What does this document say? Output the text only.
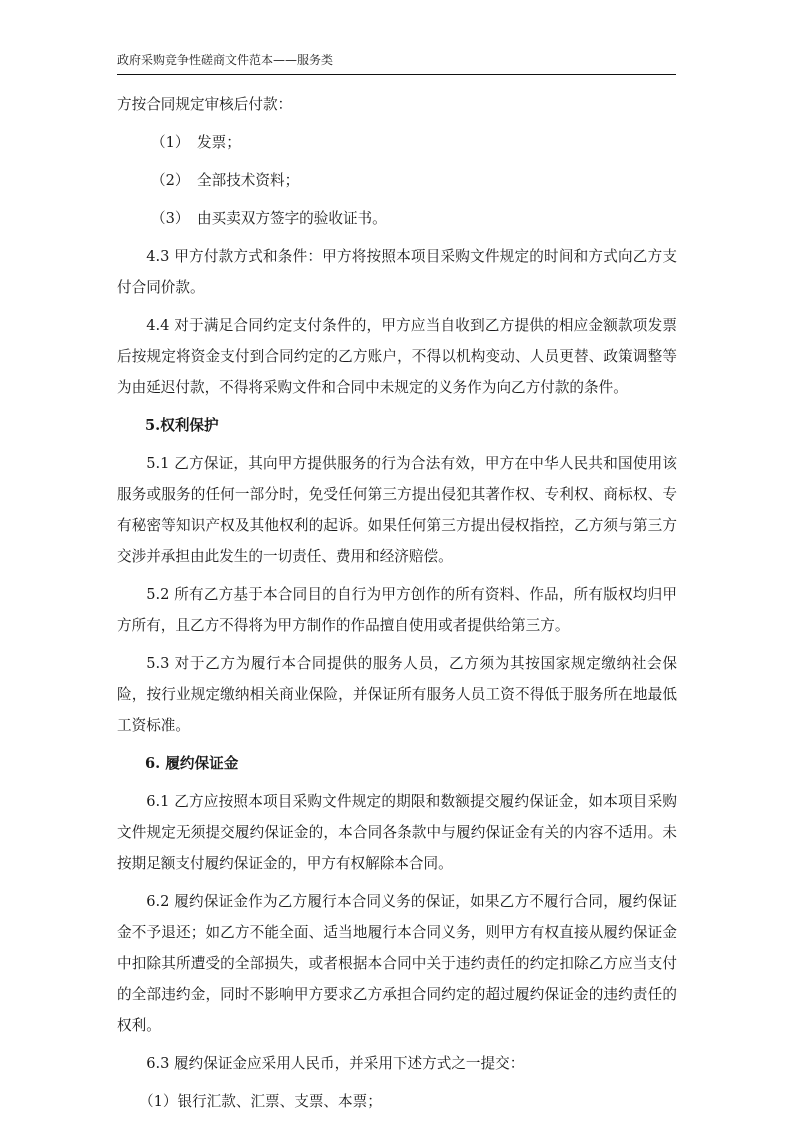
政府采购竞争性磋商文件范本——服务类

方按合同规定审核后付款：

（1） 发票；

（2） 全部技术资料；

（3） 由买卖双方签字的验收证书。

4.3 甲方付款方式和条件：甲方将按照本项目采购文件规定的时间和方式向乙方支付合同价款。

4.4 对于满足合同约定支付条件的，甲方应当自收到乙方提供的相应金额款项发票后按规定将资金支付到合同约定的乙方账户，不得以机构变动、人员更替、政策调整等为由延迟付款，不得将采购文件和合同中未规定的义务作为向乙方付款的条件。

5.权利保护

5.1 乙方保证，其向甲方提供服务的行为合法有效，甲方在中华人民共和国使用该服务或服务的任何一部分时，免受任何第三方提出侵犯其著作权、专利权、商标权、专有秘密等知识产权及其他权利的起诉。如果任何第三方提出侵权指控，乙方须与第三方交涉并承担由此发生的一切责任、费用和经济赔偿。

5.2 所有乙方基于本合同目的自行为甲方创作的所有资料、作品，所有版权均归甲方所有，且乙方不得将为甲方制作的作品擅自使用或者提供给第三方。

5.3 对于乙方为履行本合同提供的服务人员，乙方须为其按国家规定缴纳社会保险，按行业规定缴纳相关商业保险，并保证所有服务人员工资不得低于服务所在地最低工资标准。

6. 履约保证金

6.1 乙方应按照本项目采购文件规定的期限和数额提交履约保证金，如本项目采购文件规定无须提交履约保证金的，本合同各条款中与履约保证金有关的内容不适用。未按期足额支付履约保证金的，甲方有权解除本合同。

6.2 履约保证金作为乙方履行本合同义务的保证，如果乙方不履行合同，履约保证金不予退还；如乙方不能全面、适当地履行本合同义务，则甲方有权直接从履约保证金中扣除其所遭受的全部损失，或者根据本合同中关于违约责任的约定扣除乙方应当支付的全部违约金，同时不影响甲方要求乙方承担合同约定的超过履约保证金的违约责任的权利。

6.3 履约保证金应采用人民币，并采用下述方式之一提交：

（1）银行汇款、汇票、支票、本票；
